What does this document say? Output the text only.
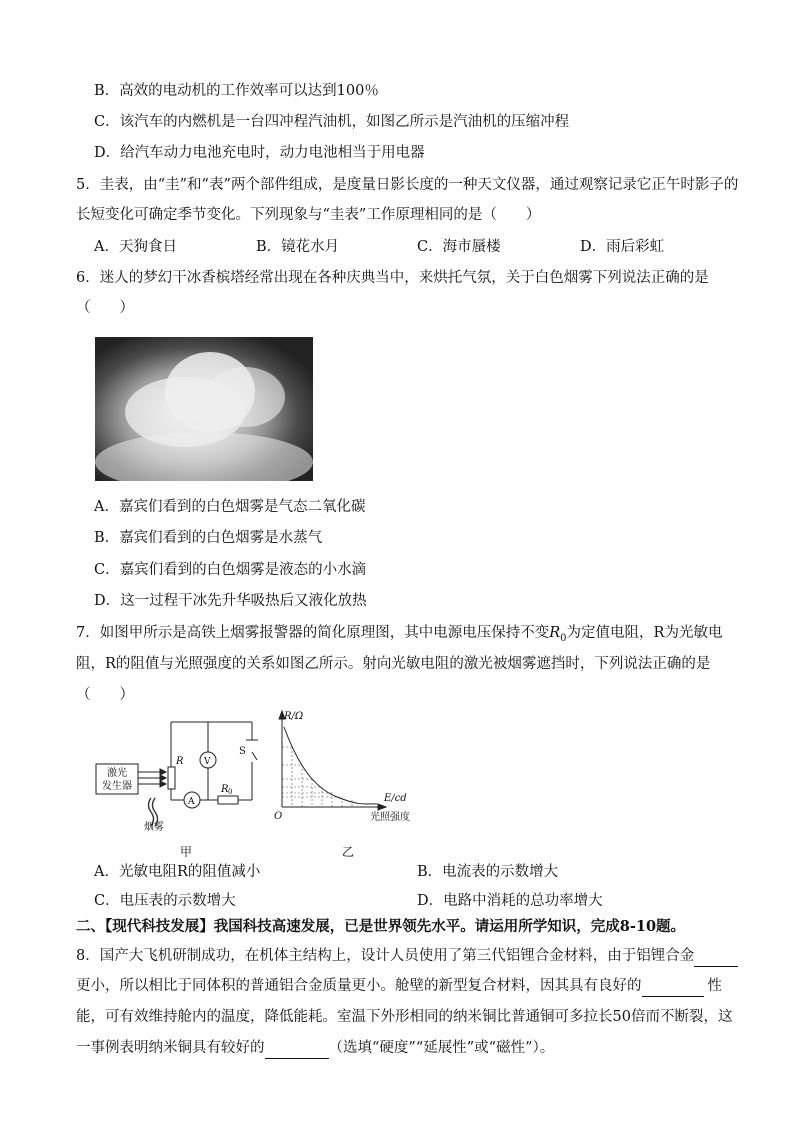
B．高效的电动机的工作效率可以达到100％
C．该汽车的内燃机是一台四冲程汽油机，如图乙所示是汽油机的压缩冲程
D．给汽车动力电池充电时，动力电池相当于用电器
5．圭表，由“圭”和“表”两个部件组成，是度量日影长度的一种天文仪器，通过观察记录它正午时影子的
长短变化可确定季节变化。下列现象与“圭表”工作原理相同的是（　　）
A．天狗食日	B．镜花水月	C．海市蜃楼	D．雨后彩虹
6．迷人的梦幻干冰香槟塔经常出现在各种庆典当中，来烘托气氛，关于白色烟雾下列说法正确的是
（　　）
A．嘉宾们看到的白色烟雾是气态二氧化碳
B．嘉宾们看到的白色烟雾是水蒸气
C．嘉宾们看到的白色烟雾是液态的小水滴
D．这一过程干冰先升华吸热后又液化放热
7．如图甲所示是高铁上烟雾报警器的简化原理图，其中电源电压保持不变$R_0$为定值电阻，R为光敏电
阻，R的阻值与光照强度的关系如图乙所示。射向光敏电阻的激光被烟雾遮挡时，下列说法正确的是
（　　）
激光
发生器
烟雾
R
R 0
V
A
S
R/Ω
E/cd
O	光照强度
甲	乙
A．光敏电阻R的阻值减小	B．电流表的示数增大
C．电压表的示数增大	D．电路中消耗的总功率增大
二、【现代科技发展】我国科技高速发展，已是世界领先水平。请运用所学知识，完成8-10题。
8．国产大飞机研制成功，在机体主结构上，设计人员使用了第三代铝锂合金材料，由于铝锂合金
更小，所以相比于同体积的普通铝合金质量更小。舱壁的新型复合材料，因其具有良好的	性
能，可有效维持舱内的温度，降低能耗。室温下外形相同的纳米铜比普通铜可多拉长50倍而不断裂，这
一事例表明纳米铜具有较好的	（选填“硬度”“延展性”或“磁性”）。
